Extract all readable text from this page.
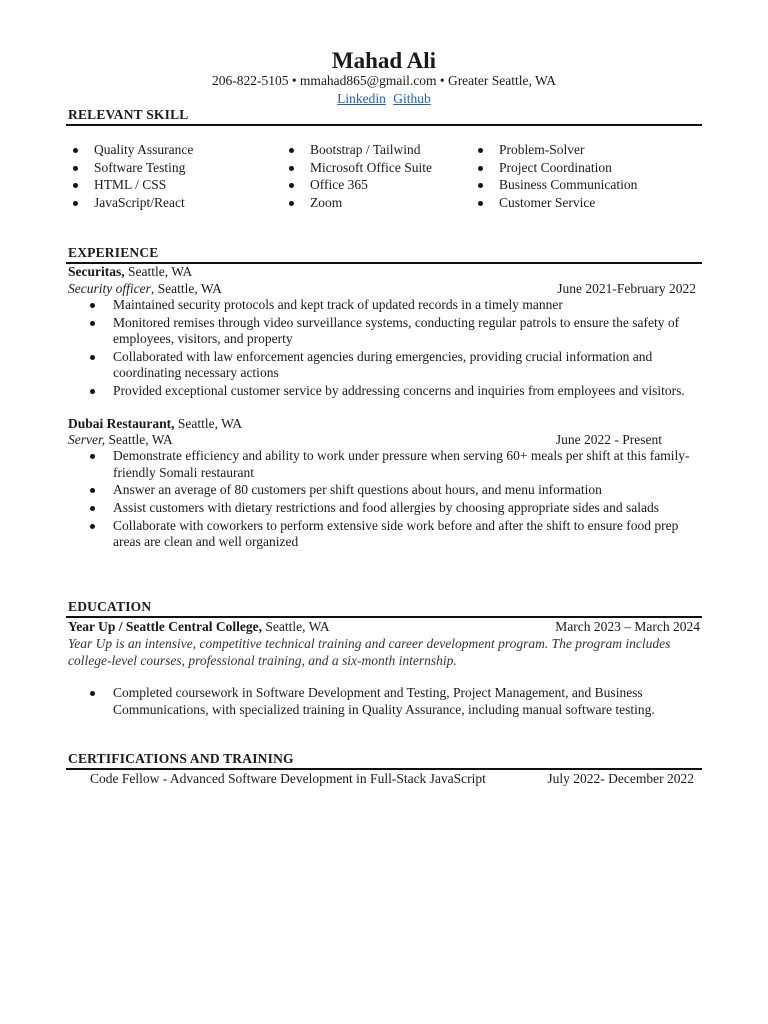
Mahad Ali
206-822-5105 • mmahad865@gmail.com • Greater Seattle, WA
Linkedin Github
RELEVANT SKILL
Quality Assurance
Software Testing
HTML / CSS
JavaScript/React
Bootstrap / Tailwind
Microsoft Office Suite
Office 365
Zoom
Problem-Solver
Project Coordination
Business Communication
Customer Service
EXPERIENCE
Securitas, Seattle, WA
Security officer, Seattle, WA	June 2021-February 2022
Maintained security protocols and kept track of updated records in a timely manner
Monitored remises through video surveillance systems, conducting regular patrols to ensure the safety of employees, visitors, and property
Collaborated with law enforcement agencies during emergencies, providing crucial information and coordinating necessary actions
Provided exceptional customer service by addressing concerns and inquiries from employees and visitors.
Dubai Restaurant, Seattle, WA
Server, Seattle, WA	June 2022 - Present
Demonstrate efficiency and ability to work under pressure when serving 60+ meals per shift at this family-friendly Somali restaurant
Answer an average of 80 customers per shift questions about hours, and menu information
Assist customers with dietary restrictions and food allergies by choosing appropriate sides and salads
Collaborate with coworkers to perform extensive side work before and after the shift to ensure food prep areas are clean and well organized
EDUCATION
Year Up / Seattle Central College, Seattle, WA	March 2023 – March 2024
Year Up is an intensive, competitive technical training and career development program. The program includes college-level courses, professional training, and a six-month internship.
Completed coursework in Software Development and Testing, Project Management, and Business Communications, with specialized training in Quality Assurance, including manual software testing.
CERTIFICATIONS AND TRAINING
Code Fellow - Advanced Software Development in Full-Stack JavaScript	July 2022- December 2022
